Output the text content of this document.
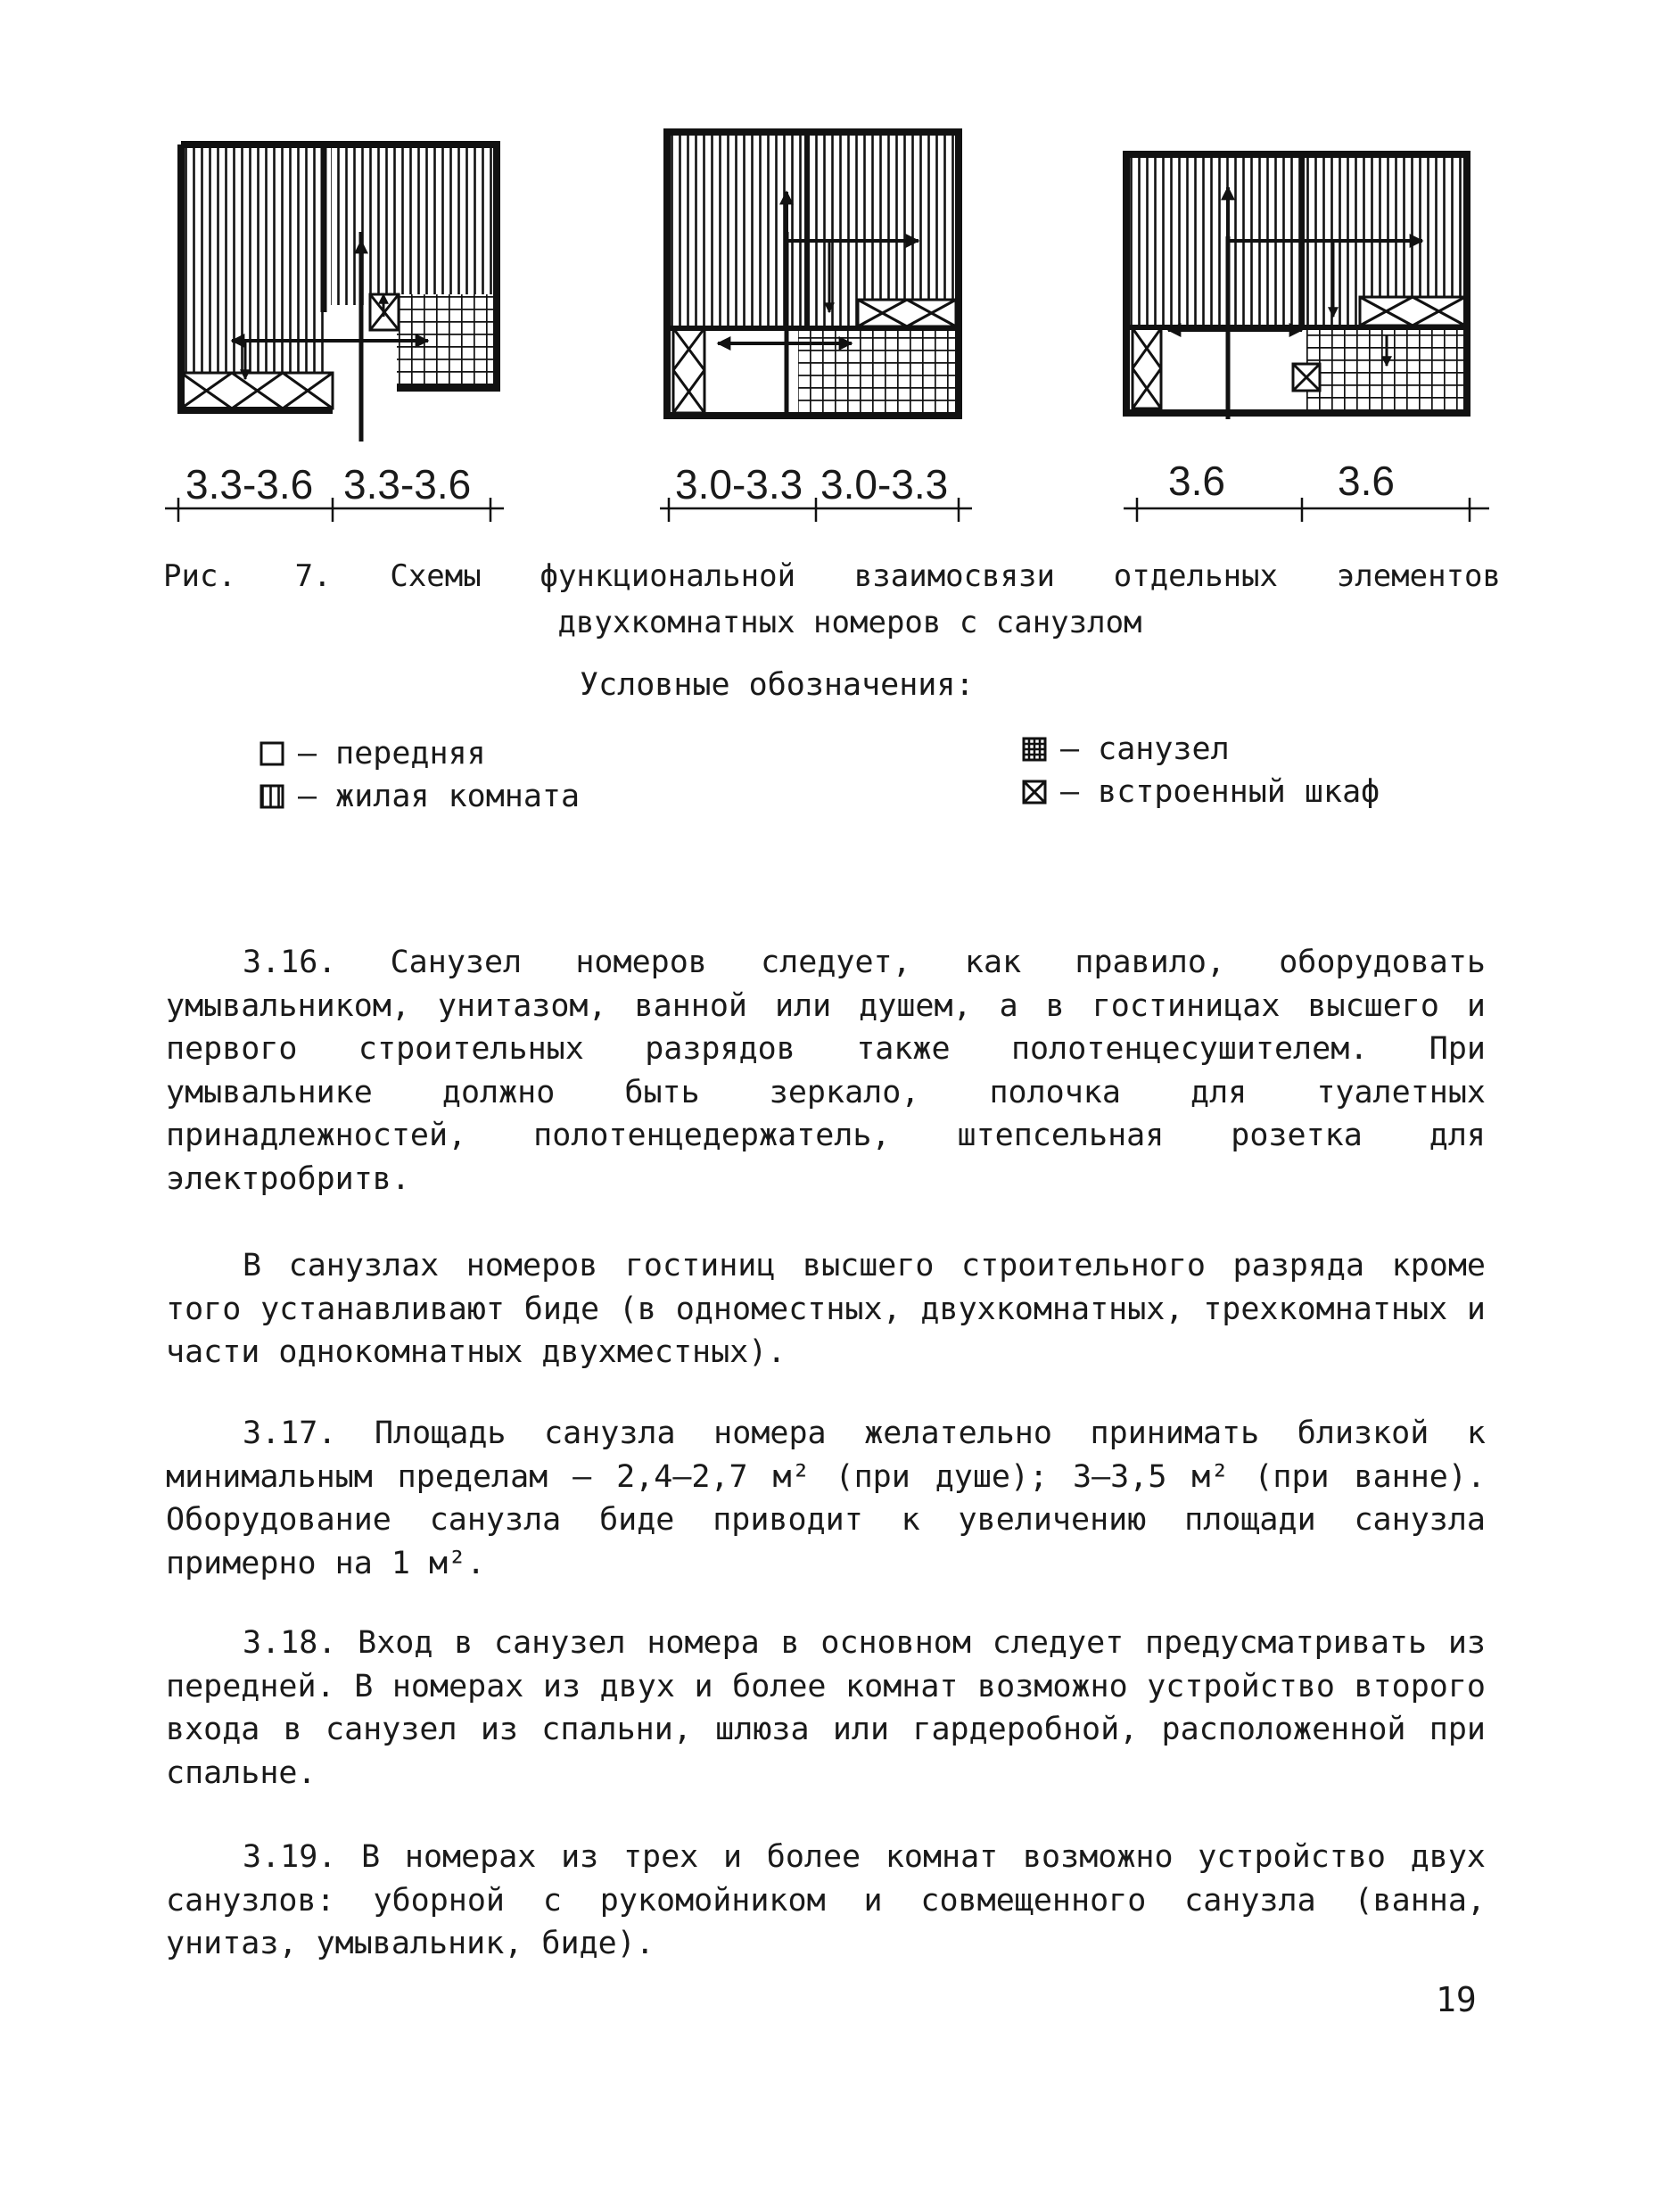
3.3-3.6 3.3-3.6	3.0-3.3 3.0-3.3	3.6	3.6
Рис. 7. Схемы функциональной взаимосвязи отдельных элементов
двухкомнатных номеров с санузлом
Условные обозначения:
– передняя
– жилая комната
– санузел
– встроенный шкаф

3.16. Санузел номеров следует, как правило, оборудовать умывальником, унитазом, ванной или душем, а в гостиницах высшего и первого строительных разрядов также полотенцесушителем. При умывальнике должно быть зеркало, полочка для туалетных принадлежностей, полотенцедержатель, штепсельная розетка для электробритв.

В санузлах номеров гостиниц высшего строительного разряда кроме того устанавливают биде (в одноместных, двухкомнатных, трехкомнатных и части однокомнатных двухместных).

3.17. Площадь санузла номера желательно принимать близкой к минимальным пределам – 2,4–2,7 м² (при душе); 3–3,5 м² (при ванне). Оборудование санузла биде приводит к увеличению площади санузла примерно на 1 м².

3.18. Вход в санузел номера в основном следует предусматривать из передней. В номерах из двух и более комнат возможно устройство второго входа в санузел из спальни, шлюза или гардеробной, расположенной при спальне.

3.19. В номерах из трех и более комнат возможно устройство двух санузлов: уборной с рукомойником и совмещенного санузла (ванна, унитаз, умывальник, биде).

19
